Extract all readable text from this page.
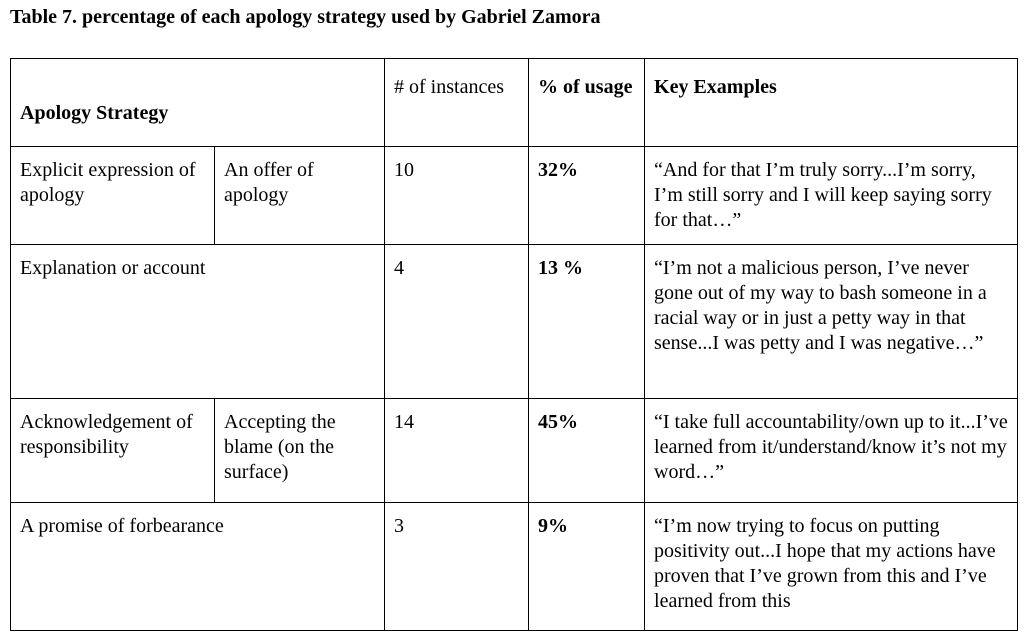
Table 7. percentage of each apology strategy used by Gabriel Zamora
Apology Strategy		# of instances	% of usage	Key Examples
Explicit expression of apology	An offer of apology	10	32%	“And for that I’m truly sorry...I’m sorry, I’m still sorry and I will keep saying sorry for that…”
Explanation or account		4	13 %	“I’m not a malicious person, I’ve never gone out of my way to bash someone in a racial way or in just a petty way in that sense...I was petty and I was negative…”
Acknowledgement of responsibility	Accepting the blame (on the surface)	14	45%	“I take full accountability/own up to it...I’ve learned from it/understand/know it’s not my word…”
A promise of forbearance		3	9%	“I’m now trying to focus on putting positivity out...I hope that my actions have proven that I’ve grown from this and I’ve learned from this
